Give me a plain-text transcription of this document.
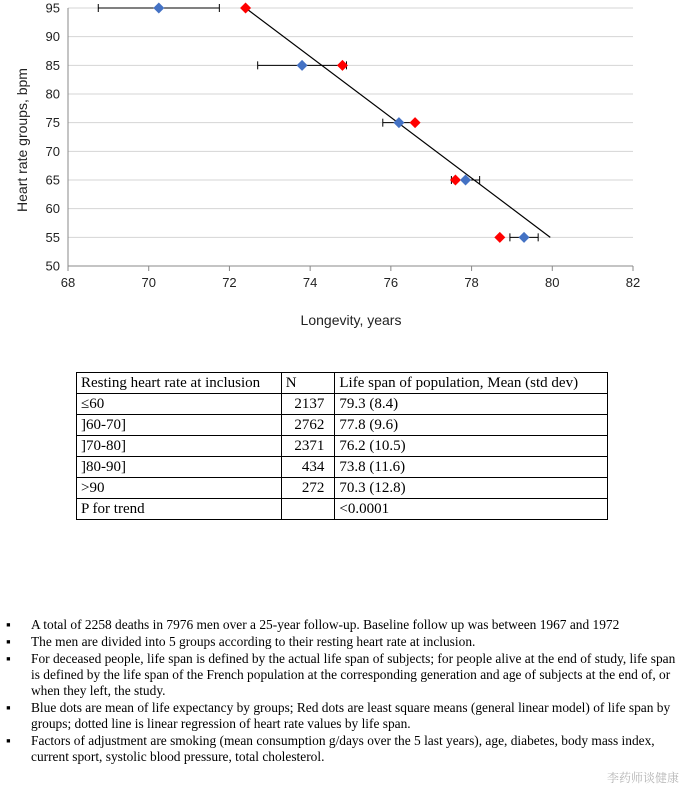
50
55
60
65
70
75
80
85
90
95
68	70	72	74	76	78	80	82
Longevity, years
Heart rate groups, bpm
Resting heart rate at inclusion	N	Life span of population, Mean (std dev)
≤60	2137	79.3 (8.4)
]60-70]	2762	77.8 (9.6)
]70-80]	2371	76.2 (10.5)
]80-90]	434	73.8 (11.6)
>90	272	70.3 (12.8)
P for trend		<0.0001
▪ A total of 2258 deaths in 7976 men over a 25-year follow-up. Baseline follow up was between 1967 and 1972
▪ The men are divided into 5 groups according to their resting heart rate at inclusion.
▪ For deceased people, life span is defined by the actual life span of subjects; for people alive at the end of study, life span is defined by the life span of the French population at the corresponding generation and age of subjects at the end of, or when they left, the study.
▪ Blue dots are mean of life expectancy by groups; Red dots are least square means (general linear model) of life span by groups; dotted line is linear regression of heart rate values by life span.
▪ Factors of adjustment are smoking (mean consumption g/days over the 5 last years), age, diabetes, body mass index, current sport, systolic blood pressure, total cholesterol.
李药师谈健康
